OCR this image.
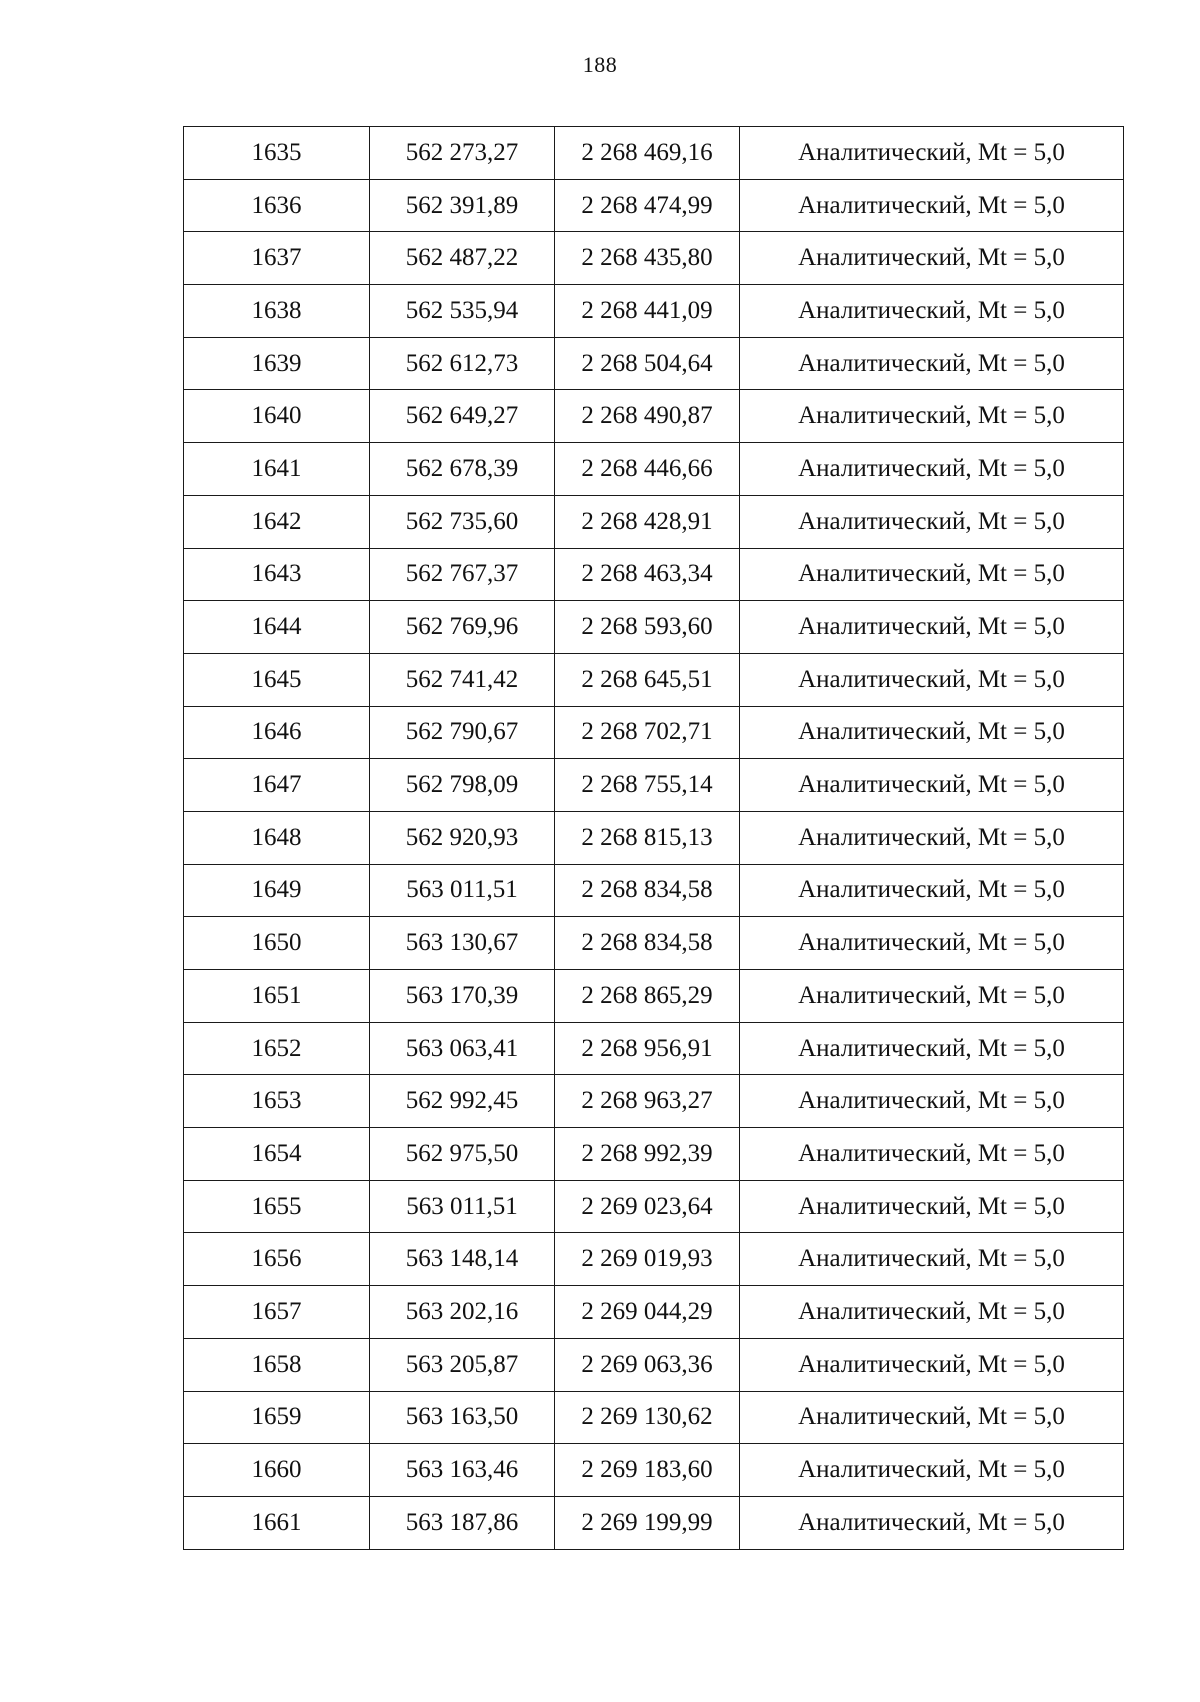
188
1635	562 273,27	2 268 469,16	Аналитический, Mt = 5,0
1636	562 391,89	2 268 474,99	Аналитический, Mt = 5,0
1637	562 487,22	2 268 435,80	Аналитический, Mt = 5,0
1638	562 535,94	2 268 441,09	Аналитический, Mt = 5,0
1639	562 612,73	2 268 504,64	Аналитический, Mt = 5,0
1640	562 649,27	2 268 490,87	Аналитический, Mt = 5,0
1641	562 678,39	2 268 446,66	Аналитический, Mt = 5,0
1642	562 735,60	2 268 428,91	Аналитический, Mt = 5,0
1643	562 767,37	2 268 463,34	Аналитический, Mt = 5,0
1644	562 769,96	2 268 593,60	Аналитический, Mt = 5,0
1645	562 741,42	2 268 645,51	Аналитический, Mt = 5,0
1646	562 790,67	2 268 702,71	Аналитический, Mt = 5,0
1647	562 798,09	2 268 755,14	Аналитический, Mt = 5,0
1648	562 920,93	2 268 815,13	Аналитический, Mt = 5,0
1649	563 011,51	2 268 834,58	Аналитический, Mt = 5,0
1650	563 130,67	2 268 834,58	Аналитический, Mt = 5,0
1651	563 170,39	2 268 865,29	Аналитический, Mt = 5,0
1652	563 063,41	2 268 956,91	Аналитический, Mt = 5,0
1653	562 992,45	2 268 963,27	Аналитический, Mt = 5,0
1654	562 975,50	2 268 992,39	Аналитический, Mt = 5,0
1655	563 011,51	2 269 023,64	Аналитический, Mt = 5,0
1656	563 148,14	2 269 019,93	Аналитический, Mt = 5,0
1657	563 202,16	2 269 044,29	Аналитический, Mt = 5,0
1658	563 205,87	2 269 063,36	Аналитический, Mt = 5,0
1659	563 163,50	2 269 130,62	Аналитический, Mt = 5,0
1660	563 163,46	2 269 183,60	Аналитический, Mt = 5,0
1661	563 187,86	2 269 199,99	Аналитический, Mt = 5,0
